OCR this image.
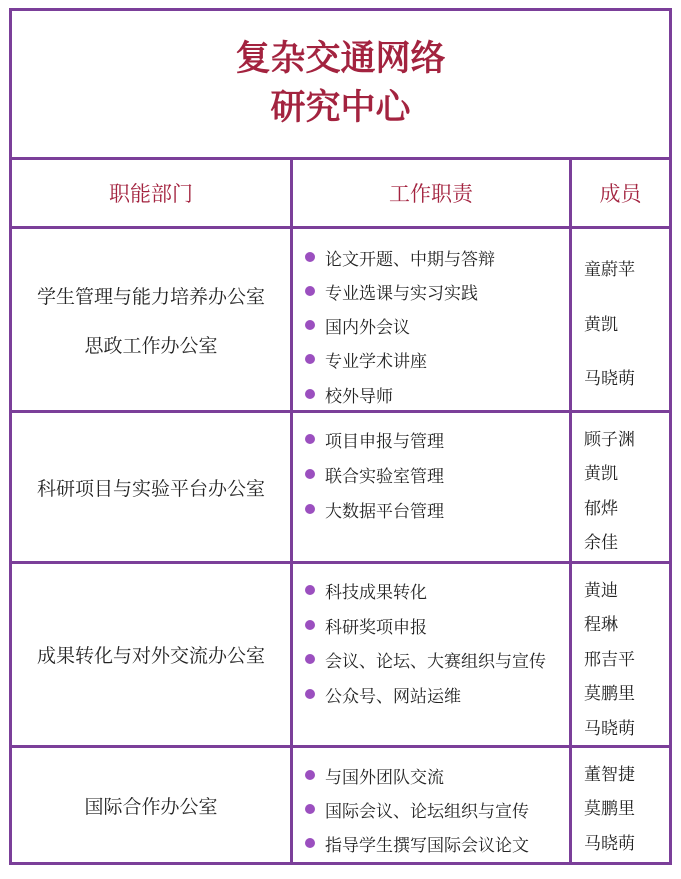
复杂交通网络
研究中心
职能部门	工作职责	成员
学生管理与能力培养办公室
思政工作办公室
论文开题、中期与答辩
专业选课与实习实践
国内外会议
专业学术讲座
校外导师
童蔚苹
黄凯
马晓萌
科研项目与实验平台办公室
项目申报与管理
联合实验室管理
大数据平台管理
顾子渊
黄凯
郁烨
余佳
成果转化与对外交流办公室
科技成果转化
科研奖项申报
会议、论坛、大赛组织与宣传
公众号、网站运维
黄迪
程琳
邢吉平
莫鹏里
马晓萌
国际合作办公室
与国外团队交流
国际会议、论坛组织与宣传
指导学生撰写国际会议论文
董智捷
莫鹏里
马晓萌
